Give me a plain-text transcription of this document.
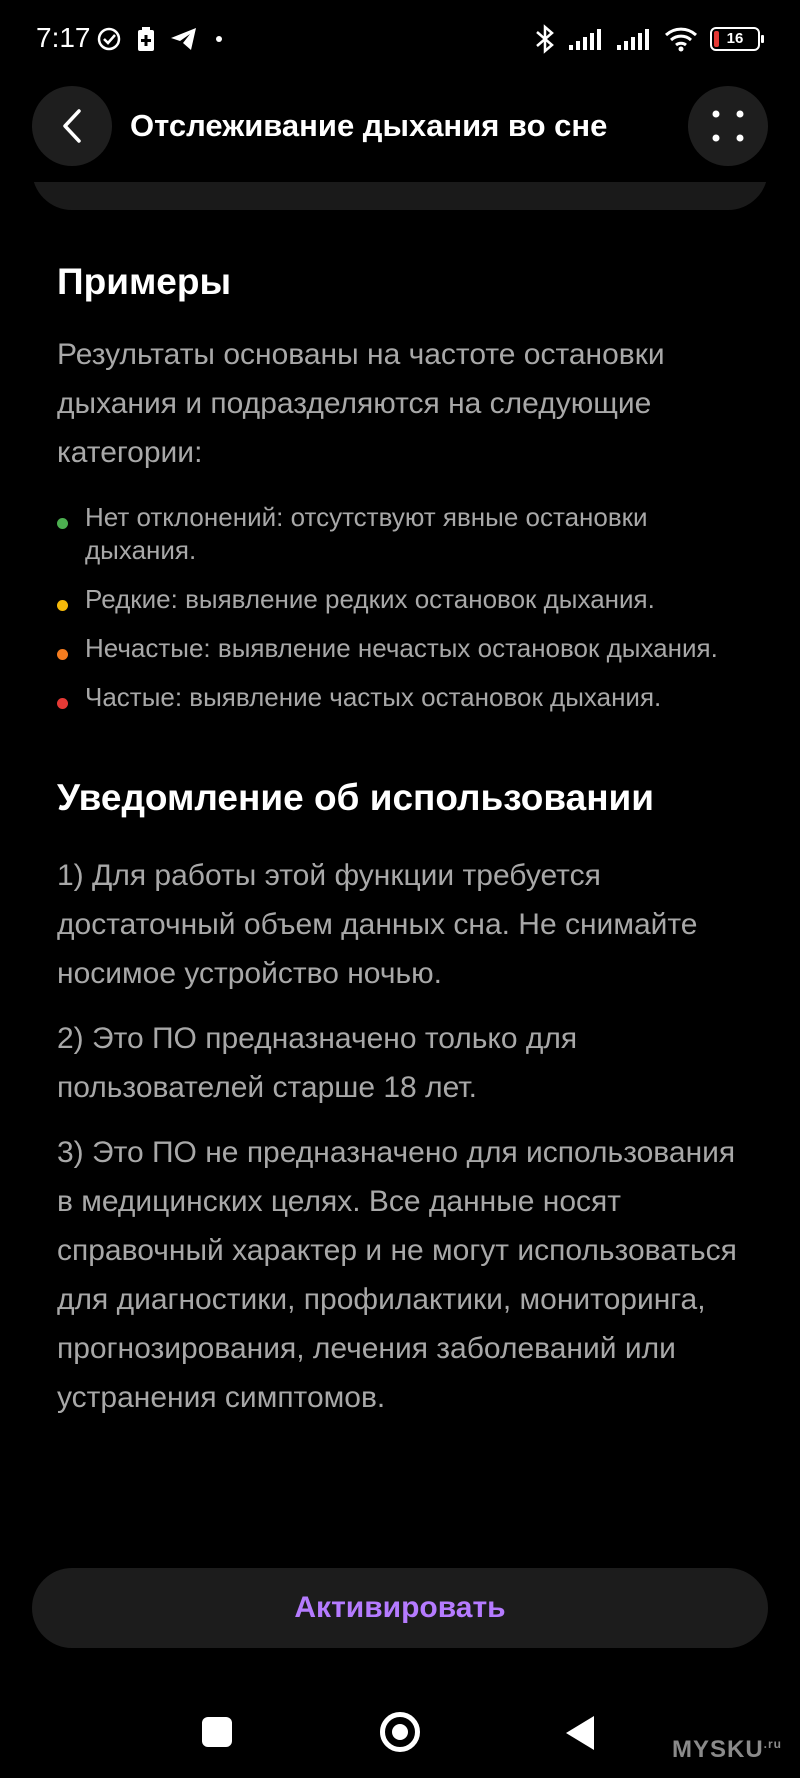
7:17	16
Отслеживание дыхания во сне
Примеры

Результаты основаны на частоте остановки дыхания и подразделяются на следующие категории:

Нет отклонений: отсутствуют явные остановки дыхания.
Редкие: выявление редких остановок дыхания.
Нечастые: выявление нечастых остановок дыхания.
Частые: выявление частых остановок дыхания.
Уведомление об использовании

1) Для работы этой функции требуется достаточный объем данных сна. Не снимайте носимое устройство ночью.

2) Это ПО предназначено только для пользователей старше 18 лет.

3) Это ПО не предназначено для использования в медицинских целях. Все данные носят справочный характер и не могут использоваться для диагностики, профилактики, мониторинга, прогнозирования, лечения заболеваний или устранения симптомов.

Активировать
$MYSKU^{.ru}$
